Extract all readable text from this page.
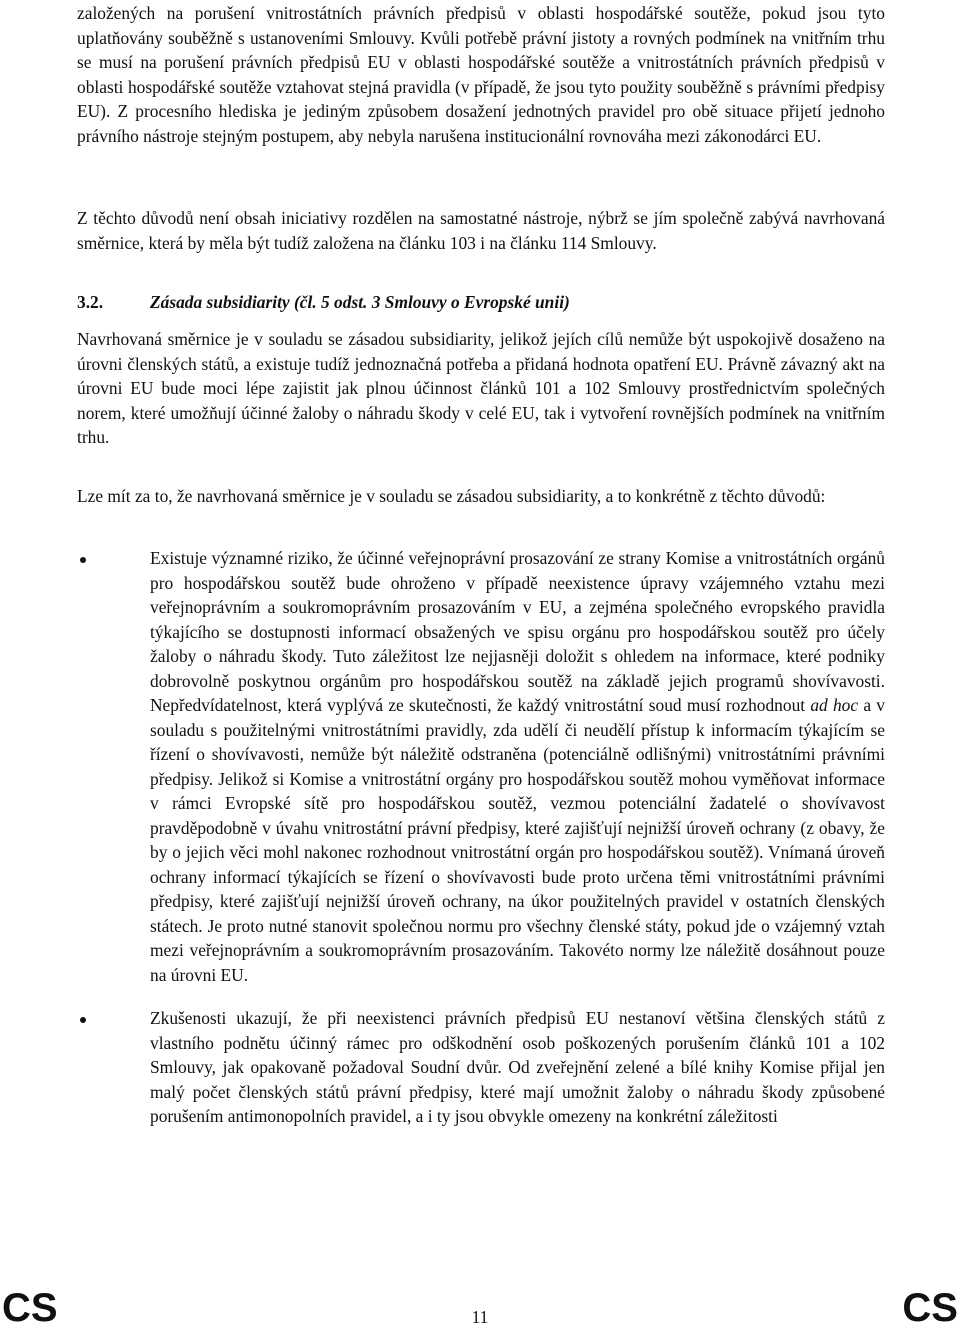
založených na porušení vnitrostátních právních předpisů v oblasti hospodářské soutěže, pokud jsou tyto uplatňovány souběžně s ustanoveními Smlouvy. Kvůli potřebě právní jistoty a rovných podmínek na vnitřním trhu se musí na porušení právních předpisů EU v oblasti hospodářské soutěže a vnitrostátních právních předpisů v oblasti hospodářské soutěže vztahovat stejná pravidla (v případě, že jsou tyto použity souběžně s právními předpisy EU). Z procesního hlediska je jediným způsobem dosažení jednotných pravidel pro obě situace přijetí jednoho právního nástroje stejným postupem, aby nebyla narušena institucionální rovnováha mezi zákonodárci EU.

Z těchto důvodů není obsah iniciativy rozdělen na samostatné nástroje, nýbrž se jím společně zabývá navrhovaná směrnice, která by měla být tudíž založena na článku 103 i na článku 114 Smlouvy.

3.2.	Zásada subsidiarity (čl. 5 odst. 3 Smlouvy o Evropské unii)

Navrhovaná směrnice je v souladu se zásadou subsidiarity, jelikož jejích cílů nemůže být uspokojivě dosaženo na úrovni členských států, a existuje tudíž jednoznačná potřeba a přidaná hodnota opatření EU. Právně závazný akt na úrovni EU bude moci lépe zajistit jak plnou účinnost článků 101 a 102 Smlouvy prostřednictvím společných norem, které umožňují účinné žaloby o náhradu škody v celé EU, tak i vytvoření rovnějších podmínek na vnitřním trhu.

Lze mít za to, že navrhovaná směrnice je v souladu se zásadou subsidiarity, a to konkrétně z těchto důvodů:

Existuje významné riziko, že účinné veřejnoprávní prosazování ze strany Komise a vnitrostátních orgánů pro hospodářskou soutěž bude ohroženo v případě neexistence úpravy vzájemného vztahu mezi veřejnoprávním a soukromoprávním prosazováním v EU, a zejména společného evropského pravidla týkajícího se dostupnosti informací obsažených ve spisu orgánu pro hospodářskou soutěž pro účely žaloby o náhradu škody. Tuto záležitost lze nejjasněji doložit s ohledem na informace, které podniky dobrovolně poskytnou orgánům pro hospodářskou soutěž na základě jejich programů shovívavosti. Nepředvídatelnost, která vyplývá ze skutečnosti, že každý vnitrostátní soud musí rozhodnout ad hoc a v souladu s použitelnými vnitrostátními pravidly, zda udělí či neudělí přístup k informacím týkajícím se řízení o shovívavosti, nemůže být náležitě odstraněna (potenciálně odlišnými) vnitrostátními právními předpisy. Jelikož si Komise a vnitrostátní orgány pro hospodářskou soutěž mohou vyměňovat informace v rámci Evropské sítě pro hospodářskou soutěž, vezmou potenciální žadatelé o shovívavost pravděpodobně v úvahu vnitrostátní právní předpisy, které zajišťují nejnižší úroveň ochrany (z obavy, že by o jejich věci mohl nakonec rozhodnout vnitrostátní orgán pro hospodářskou soutěž). Vnímaná úroveň ochrany informací týkajících se řízení o shovívavosti bude proto určena těmi vnitrostátními právními předpisy, které zajišťují nejnižší úroveň ochrany, na úkor použitelných pravidel v ostatních členských státech. Je proto nutné stanovit společnou normu pro všechny členské státy, pokud jde o vzájemný vztah mezi veřejnoprávním a soukromoprávním prosazováním. Takovéto normy lze náležitě dosáhnout pouze na úrovni EU.

Zkušenosti ukazují, že při neexistenci právních předpisů EU nestanoví většina členských států z vlastního podnětu účinný rámec pro odškodnění osob poškozených porušením článků 101 a 102 Smlouvy, jak opakovaně požadoval Soudní dvůr. Od zveřejnění zelené a bílé knihy Komise přijal jen malý počet členských států právní předpisy, které mají umožnit žaloby o náhradu škody způsobené porušením antimonopolních pravidel, a i ty jsou obvykle omezeny na konkrétní záležitosti

CS	11	CS
